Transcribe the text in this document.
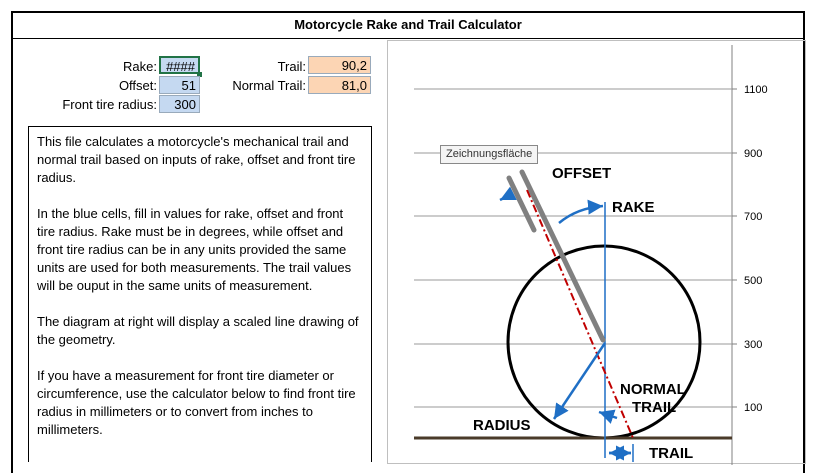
Motorcycle Rake and Trail Calculator
Rake: ####
Offset:	51
Front tire radius:	300
Trail:	90,2
Normal Trail:	81,0

This file calculates a motorcycle's mechanical trail and normal trail based on inputs of rake, offset and front tire radius.

In the blue cells, fill in values for rake, offset and front tire radius. Rake must be in degrees, while offset and front tire radius can be in any units provided the same units are used for both measurements. The trail values will be ouput in the same units of measurement.

The diagram at right will display a scaled line drawing of the geometry.

If you have a measurement for front tire diameter or circumference, use the calculator below to find front tire radius in millimeters or to convert from inches to millimeters.

1100
900
700
500
300
100
OFFSET
RAKE
NORMAL
TRAIL
RADIUS
TRAIL
Zeichnungsfläche
